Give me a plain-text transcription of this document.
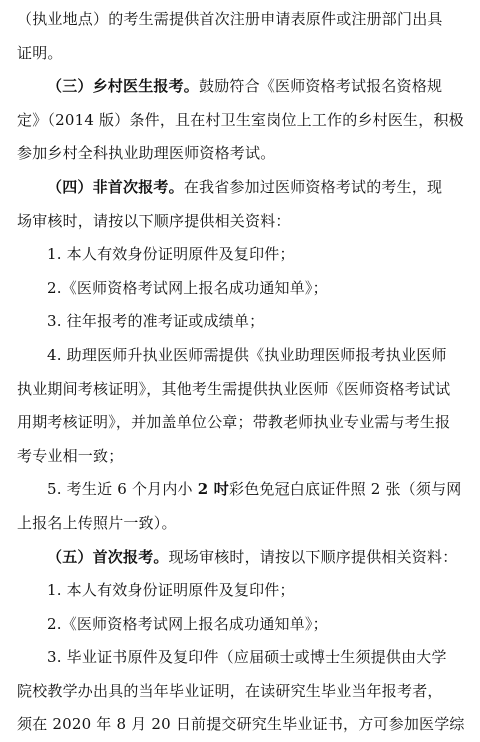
（执业地点）的考生需提供首次注册申请表原件或注册部门出具
证明。
（三）乡村医生报考。鼓励符合《医师资格考试报名资格规
定》（2014 版）条件，且在村卫生室岗位上工作的乡村医生，积极
参加乡村全科执业助理医师资格考试。
（四）非首次报考。在我省参加过医师资格考试的考生，现
场审核时，请按以下顺序提供相关资料：
1. 本人有效身份证明原件及复印件；
2.《医师资格考试网上报名成功通知单》；
3. 往年报考的准考证或成绩单；
4. 助理医师升执业医师需提供《执业助理医师报考执业医师
执业期间考核证明》，其他考生需提供执业医师《医师资格考试试
用期考核证明》，并加盖单位公章；带教老师执业专业需与考生报
考专业相一致；
5. 考生近 6 个月内小 2 吋彩色免冠白底证件照 2 张（须与网
上报名上传照片一致）。
（五）首次报考。现场审核时，请按以下顺序提供相关资料：
1. 本人有效身份证明原件及复印件；
2.《医师资格考试网上报名成功通知单》；
3. 毕业证书原件及复印件（应届硕士或博士生须提供由大学
院校教学办出具的当年毕业证明，在读研究生毕业当年报考者，
须在 2020 年 8 月 20 日前提交研究生毕业证书，方可参加医学综
